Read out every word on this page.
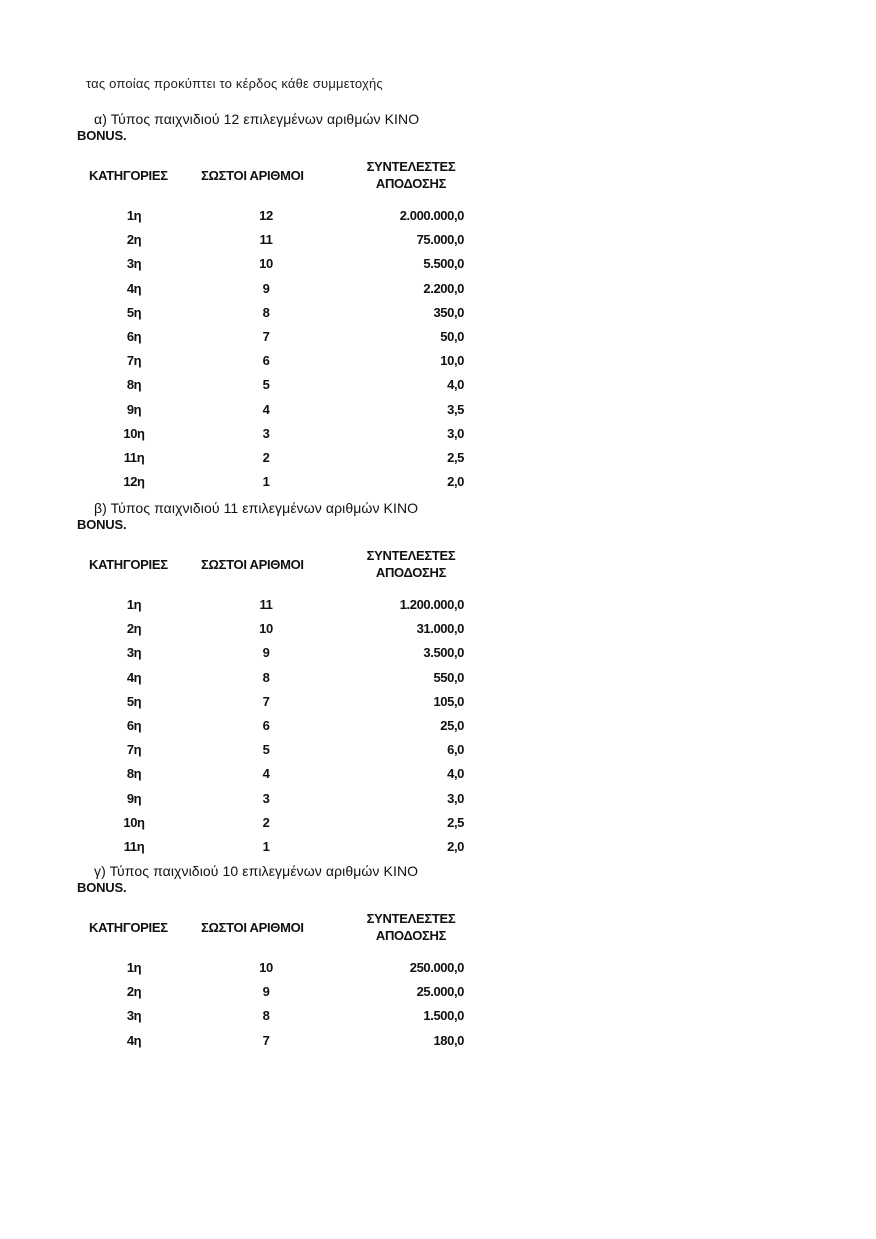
τας οποίας προκύπτει το κέρδος κάθε συμμετοχής
α) Τύπος παιχνιδιού 12 επιλεγμένων αριθμών KINO
BONUS.
ΚΑΤΗΓΟΡΙΕΣ	ΣΩΣΤΟΙ ΑΡΙΘΜΟΙ
ΣΥΝΤΕΛΕΣΤΕΣ
ΑΠΟΔΟΣΗΣ
1η	12	2.000.000,0
2η	11	75.000,0
3η	10	5.500,0
4η	9	2.200,0
5η	8	350,0
6η	7	50,0
7η	6	10,0
8η	5	4,0
9η	4	3,5
10η	3	3,0
11η	2	2,5
12η	1	2,0
β) Τύπος παιχνιδιού 11 επιλεγμένων αριθμών KINO
BONUS.
ΚΑΤΗΓΟΡΙΕΣ	ΣΩΣΤΟΙ ΑΡΙΘΜΟΙ
ΣΥΝΤΕΛΕΣΤΕΣ
ΑΠΟΔΟΣΗΣ
1η	11	1.200.000,0
2η	10	31.000,0
3η	9	3.500,0
4η	8	550,0
5η	7	105,0
6η	6	25,0
7η	5	6,0
8η	4	4,0
9η	3	3,0
10η	2	2,5
11η	1	2,0
γ) Τύπος παιχνιδιού 10 επιλεγμένων αριθμών KINO
BONUS.
ΚΑΤΗΓΟΡΙΕΣ	ΣΩΣΤΟΙ ΑΡΙΘΜΟΙ
ΣΥΝΤΕΛΕΣΤΕΣ
ΑΠΟΔΟΣΗΣ
1η	10	250.000,0
2η	9	25.000,0
3η	8	1.500,0
4η	7	180,0
